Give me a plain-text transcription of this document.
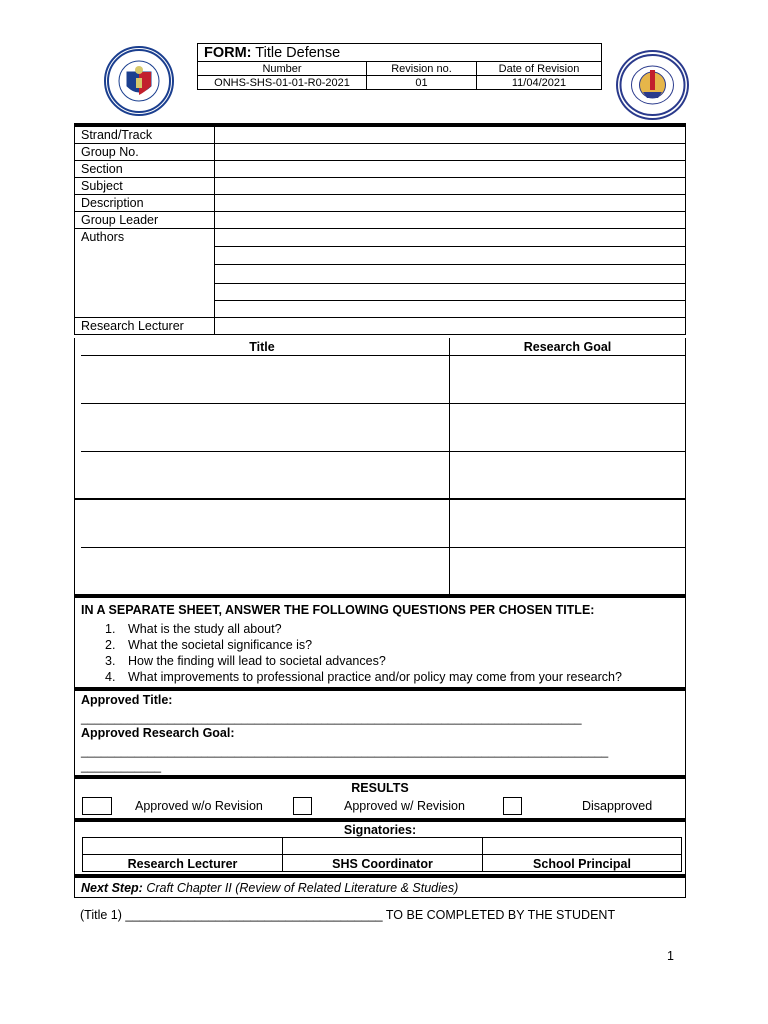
FORM: Title Defense
Number	Revision no.	Date of Revision
ONHS-SHS-01-01-R0-2021	01	11/04/2021
Strand/Track
Group No.
Section
Subject
Description
Group Leader
Authors
Research Lecturer
Title	Research Goal
IN A SEPARATE SHEET, ANSWER THE FOLLOWING QUESTIONS PER CHOSEN TITLE:
1. What is the study all about?
2. What the societal significance is?
3. How the finding will lead to societal advances?
4. What improvements to professional practice and/or policy may come from your research?
Approved Title:
___________________________________________________________________________
Approved Research Goal:
_______________________________________________________________________________
____________
RESULTS
Approved w/o Revision	Approved w/ Revision	Disapproved
Signatories:
Research Lecturer	SHS Coordinator	School Principal
Next Step: Craft Chapter II (Review of Related Literature & Studies)
(Title 1) _____________________________________ TO BE COMPLETED BY THE STUDENT
1
